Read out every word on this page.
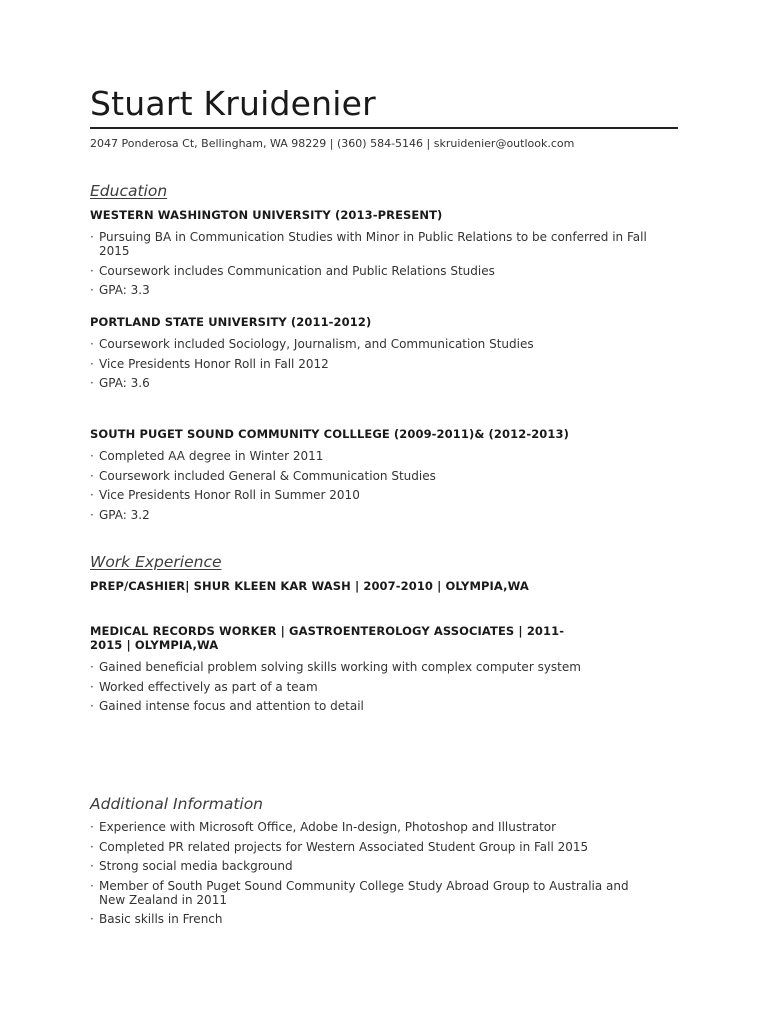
Stuart Kruidenier
2047 Ponderosa Ct, Bellingham, WA 98229 | (360) 584-5146 | skruidenier@outlook.com
Education
WESTERN WASHINGTON UNIVERSITY (2013-PRESENT)
· Pursuing BA in Communication Studies with Minor in Public Relations to be conferred in Fall 2015
· Coursework includes Communication and Public Relations Studies
· GPA: 3.3
PORTLAND STATE UNIVERSITY (2011-2012)
· Coursework included Sociology, Journalism, and Communication Studies
· Vice Presidents Honor Roll in Fall 2012
· GPA: 3.6
SOUTH PUGET SOUND COMMUNITY COLLLEGE (2009-2011)& (2012-2013)
· Completed AA degree in Winter 2011
· Coursework included General & Communication Studies
· Vice Presidents Honor Roll in Summer 2010
· GPA: 3.2
Work Experience
PREP/CASHIER| SHUR KLEEN KAR WASH | 2007-2010 | OLYMPIA,WA
MEDICAL RECORDS WORKER | GASTROENTEROLOGY ASSOCIATES | 2011-2015 | OLYMPIA,WA
· Gained beneficial problem solving skills working with complex computer system
· Worked effectively as part of a team
· Gained intense focus and attention to detail
Additional Information
· Experience with Microsoft Office, Adobe In-design, Photoshop and Illustrator
· Completed PR related projects for Western Associated Student Group in Fall 2015
· Strong social media background
· Member of South Puget Sound Community College Study Abroad Group to Australia and New Zealand in 2011
· Basic skills in French
